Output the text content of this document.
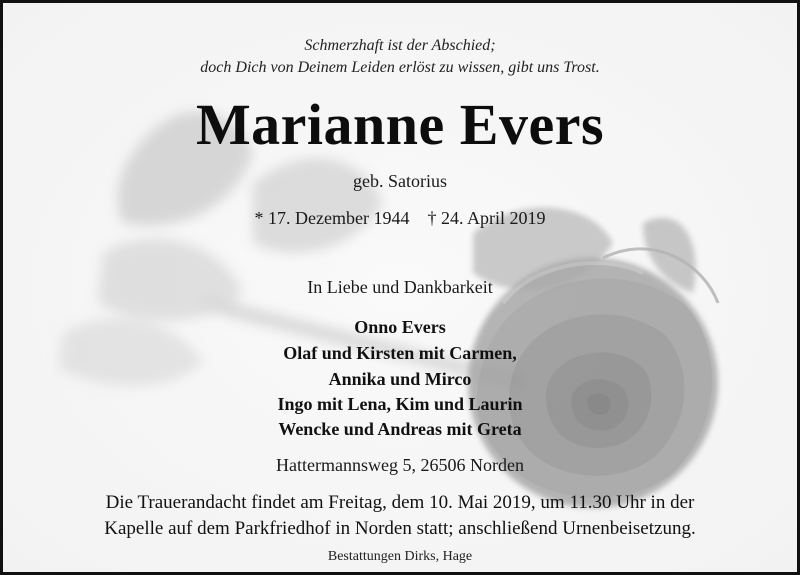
Schmerzhaft ist der Abschied;
doch Dich von Deinem Leiden erlöst zu wissen, gibt uns Trost.
Marianne Evers
geb. Satorius
* 17. Dezember 1944    † 24. April 2019
In Liebe und Dankbarkeit
Onno Evers
Olaf und Kirsten mit Carmen,
Annika und Mirco
Ingo mit Lena, Kim und Laurin
Wencke und Andreas mit Greta
Hattermannsweg 5, 26506 Norden
Die Trauerandacht findet am Freitag, dem 10. Mai 2019, um 11.30 Uhr in der
Kapelle auf dem Parkfriedhof in Norden statt; anschließend Urnenbeisetzung.
Bestattungen Dirks, Hage
